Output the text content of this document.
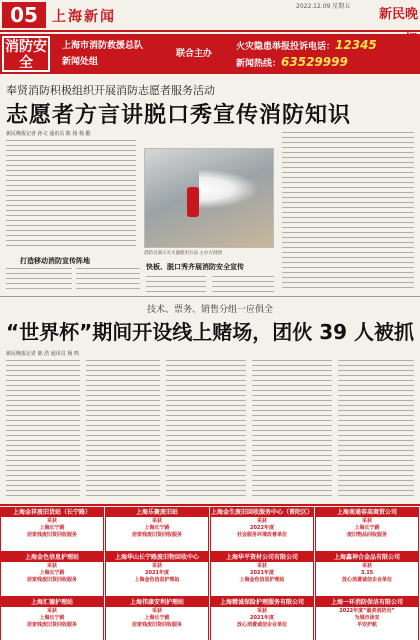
05	上海新闻
2022.12.09 星期五
新民晚
消防安全
上海市消防救援总队
新闻处组
联合主办
火灾隐患举报投诉电话：12345
新闻热线：63529999
奉贤消防积极组织开展消防志愿者服务活动
志愿者方言讲脱口秀宣传消防知识
新民晚报记者 孙文 通讯员 陈 扬 杨 勤
打造移动消防宣传阵地
消防员演示灭火器使用方法 主办方供图
快板、脱口秀齐展消防安全宣传
技术、票务、销售分组一应俱全
“世界杯”期间开设线上赌场，团伙 39 人被抓
新民晚报记者 陈 浩 通讯员 杨 鸣
上海金祥废旧货站（长宁路）
采获
上海长宁路
居家残废旧货回收服务
上海乐聚废旧站
采获
上海长宁路
居家残废旧货回收服务
上海金生废旧回收服务中心（普陀区）
采获
2022年度
社会服务环境改善单位
上海南通春高商贸公司
采获
上海长宁路
废旧物品回收服务
上海金色信息护理站
采获
上海长宁路
居家残废旧货回收服务
上海华山长宁路废旧物回收中心
采获
2021年度
上海金色信息护理站
上海华平资材公司有限公司
采获
2021年度
上海金色信息护理站
上海鑫神合金品有限公司
采获
3.15
放心消费诚信企业单位
上海汇德护理站
采获
上海长宁路
居家残废旧货回收服务
上海伟康安利护理站
采获
上海长宁路
居家残废旧货回收服务
上海精诚保险护理服务有限公司
采获
2021年度
放心消费诚信企业单位
上海一环消防保洁有限公司
2022年度“最美消防员”
为城市添安
平安护航
